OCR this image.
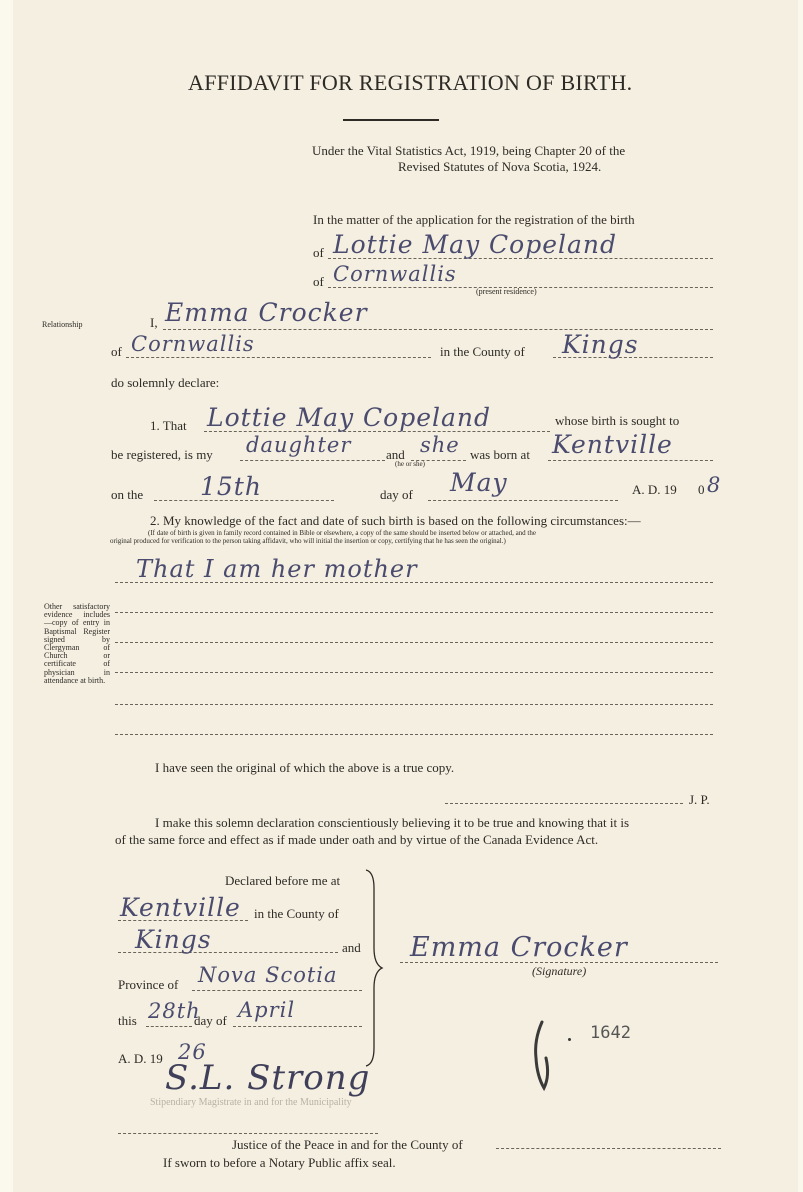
AFFIDAVIT FOR REGISTRATION OF BIRTH.
Under the Vital Statistics Act, 1919, being Chapter 20 of the
Revised Statutes of Nova Scotia, 1924.
In the matter of the application for the registration of the birth
of Lottie May Copeland
of Cornwallis
(present residence)
Relationship	I, Emma Crocker
of Cornwallis	in the County of Kings
do solemnly declare:
1. That Lottie May Copeland	whose birth is sought to
be registered, is my daughter	and she
(he or she)
was born at Kentville
on the 15th	day of May	A. D. 19 0 8
2. My knowledge of the fact and date of such birth is based on the following circumstances:—
(If date of birth is given in family record contained in Bible or elsewhere, a copy of the same should be inserted below or attached, and the
original produced for verification to the person taking affidavit, who will initial the insertion or copy, certifying that he has seen the original.)
That I am her mother
Other satisfactory evidence includes —copy of entry in Baptismal Register signed by Clergyman of Church or certificate of physician in attendance at birth.
I have seen the original of which the above is a true copy.
J. P.
I make this solemn declaration conscientiously believing it to be true and knowing that it is
of the same force and effect as if made under oath and by virtue of the Canada Evidence Act.
Declared before me at
Kentville in the County of
Kings	and
Province of Nova Scotia
this 28th
day of April
A. D. 19 26
Emma Crocker
(Signature)
1642
Stipendiary Magistrate in and for the Municipality
S.L. Strong
Justice of the Peace in and for the County of
If sworn to before a Notary Public affix seal.
